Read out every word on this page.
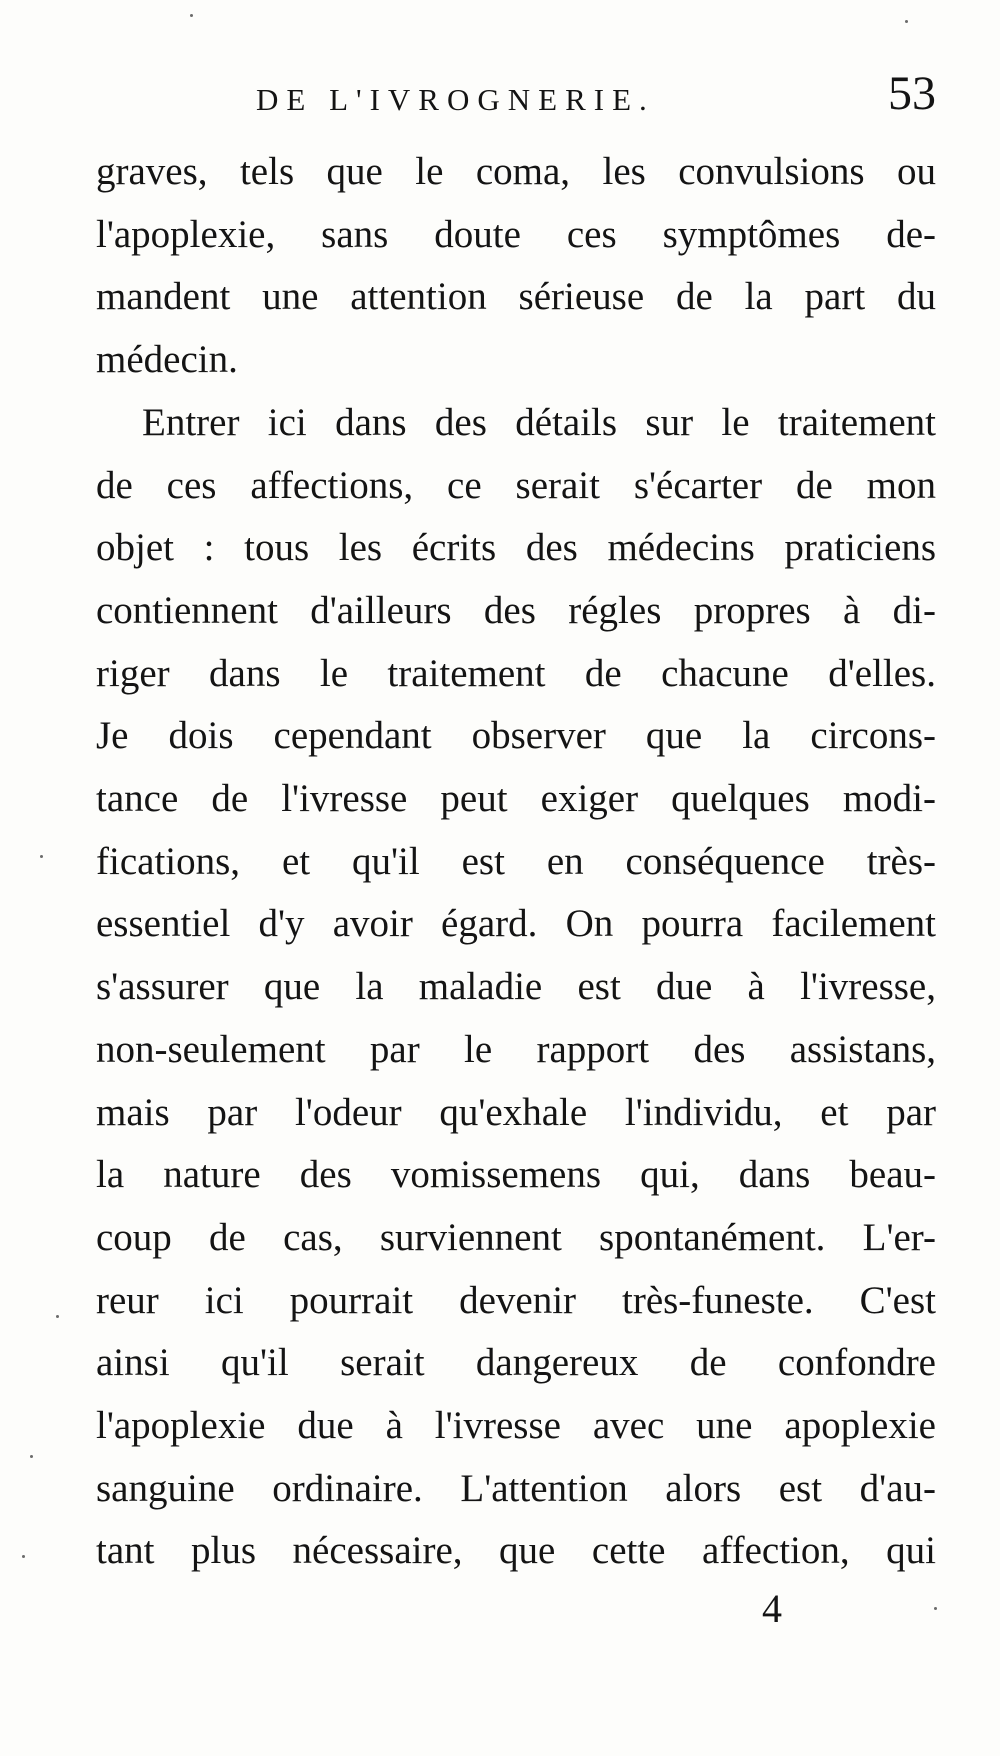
DE L'IVROGNERIE.	53

graves, tels que le coma, les convulsions ou
l'apoplexie, sans doute ces symptômes de-
mandent une attention sérieuse de la part du
médecin.

Entrer ici dans des détails sur le traitement
de ces affections, ce serait s'écarter de mon
objet : tous les écrits des médecins praticiens
contiennent d'ailleurs des régles propres à di-
riger dans le traitement de chacune d'elles.
Je dois cependant observer que la circons-
tance de l'ivresse peut exiger quelques modi-
fications, et qu'il est en conséquence très-
essentiel d'y avoir égard. On pourra facilement
s'assurer que la maladie est due à l'ivresse,
non-seulement par le rapport des assistans,
mais par l'odeur qu'exhale l'individu, et par
la nature des vomissemens qui, dans beau-
coup de cas, surviennent spontanément. L'er-
reur ici pourrait devenir très-funeste. C'est
ainsi qu'il serait dangereux de confondre
l'apoplexie due à l'ivresse avec une apoplexie
sanguine ordinaire. L'attention alors est d'au-
tant plus nécessaire, que cette affection, qui

4
